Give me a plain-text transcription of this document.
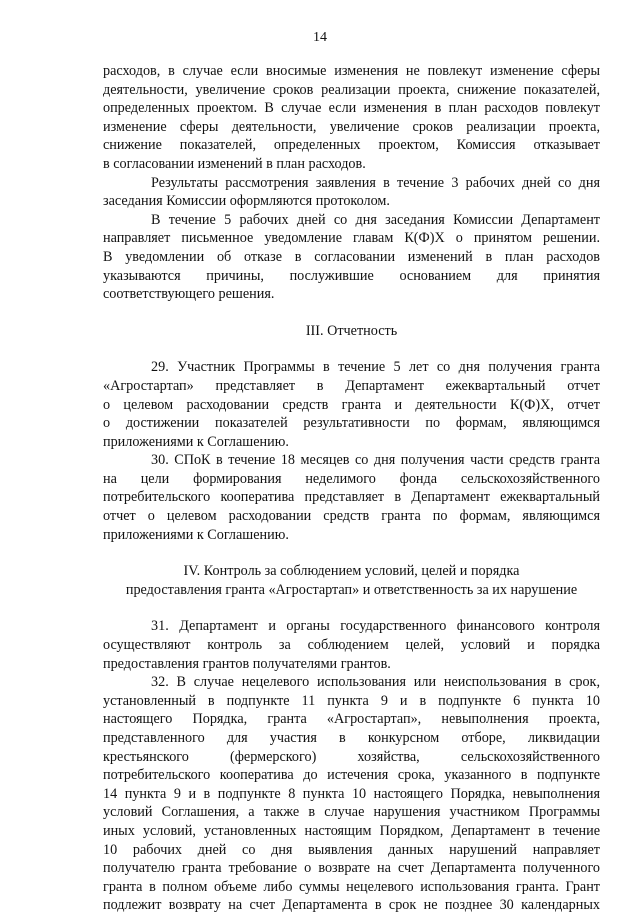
14
расходов, в случае если вносимые изменения не повлекут изменение сферы
деятельности, увеличение сроков реализации проекта, снижение показателей,
определенных проектом. В случае если изменения в план расходов повлекут
изменение сферы деятельности, увеличение сроков реализации проекта,
снижение показателей, определенных проектом, Комиссия отказывает
в согласовании изменений в план расходов.
Результаты рассмотрения заявления в течение 3 рабочих дней со дня
заседания Комиссии оформляются протоколом.
В течение 5 рабочих дней со дня заседания Комиссии Департамент
направляет письменное уведомление главам К(Ф)Х о принятом решении.
В уведомлении об отказе в согласовании изменений в план расходов
указываются причины, послужившие основанием для принятия
соответствующего решения.
III. Отчетность
29. Участник Программы в течение 5 лет со дня получения гранта
«Агростартап» представляет в Департамент ежеквартальный отчет
о целевом расходовании средств гранта и деятельности К(Ф)Х, отчет
о достижении показателей результативности по формам, являющимся
приложениями к Соглашению.
30. СПоК в течение 18 месяцев со дня получения части средств гранта
на цели формирования неделимого фонда сельскохозяйственного
потребительского кооператива представляет в Департамент ежеквартальный
отчет о целевом расходовании средств гранта по формам, являющимся
приложениями к Соглашению.
IV. Контроль за соблюдением условий, целей и порядка
предоставления гранта «Агростартап» и ответственность за их нарушение
31. Департамент и органы государственного финансового контроля
осуществляют контроль за соблюдением целей, условий и порядка
предоставления грантов получателями грантов.
32. В случае нецелевого использования или неиспользования в срок,
установленный в подпункте 11 пункта 9 и в подпункте 6 пункта 10
настоящего Порядка, гранта «Агростартап», невыполнения проекта,
представленного для участия в конкурсном отборе, ликвидации
крестьянского (фермерского) хозяйства, сельскохозяйственного
потребительского кооператива до истечения срока, указанного в подпункте
14 пункта 9 и в подпункте 8 пункта 10 настоящего Порядка, невыполнения
условий Соглашения, а также в случае нарушения участником Программы
иных условий, установленных настоящим Порядком, Департамент в течение
10 рабочих дней со дня выявления данных нарушений направляет
получателю гранта требование о возврате на счет Департамента полученного
гранта в полном объеме либо суммы нецелевого использования гранта. Грант
подлежит возврату на счет Департамента в срок не позднее 30 календарных
